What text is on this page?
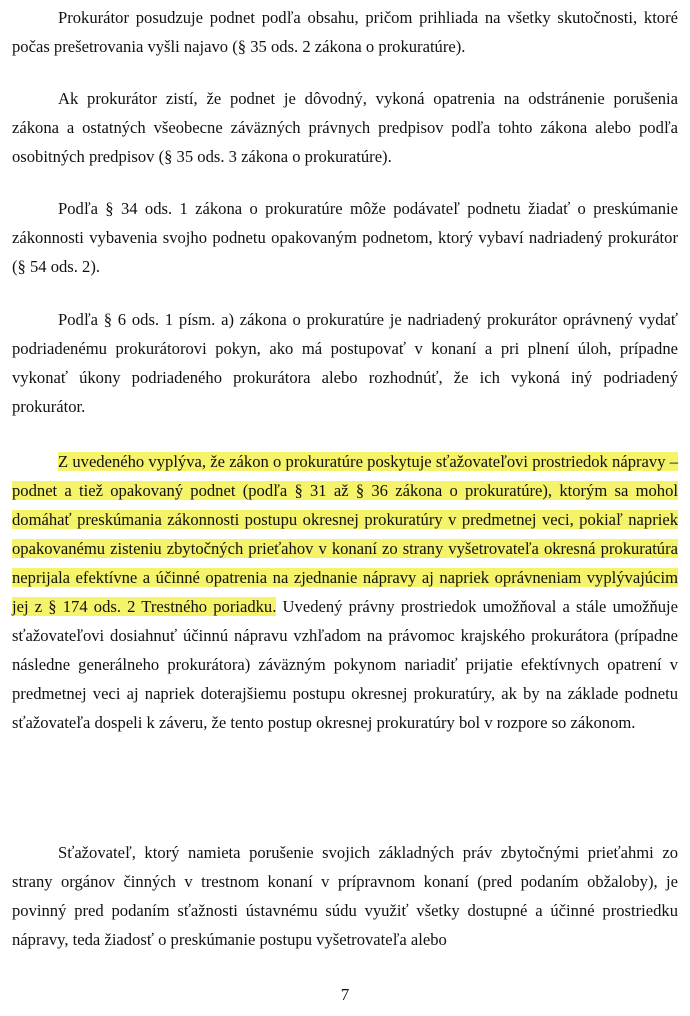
Prokurátor posudzuje podnet podľa obsahu, pričom prihliada na všetky skutočnosti, ktoré počas prešetrovania vyšli najavo (§ 35 ods. 2 zákona o prokuratúre).

Ak prokurátor zistí, že podnet je dôvodný, vykoná opatrenia na odstránenie porušenia zákona a ostatných všeobecne záväzných právnych predpisov podľa tohto zákona alebo podľa osobitných predpisov (§ 35 ods. 3 zákona o prokuratúre).

Podľa § 34 ods. 1 zákona o prokuratúre môže podávateľ podnetu žiadať o preskúmanie zákonnosti vybavenia svojho podnetu opakovaným podnetom, ktorý vybaví nadriadený prokurátor (§ 54 ods. 2).

Podľa § 6 ods. 1 písm. a) zákona o prokuratúre je nadriadený prokurátor oprávnený vydať podriadenému prokurátorovi pokyn, ako má postupovať v konaní a pri plnení úloh, prípadne vykonať úkony podriadeného prokurátora alebo rozhodnúť, že ich vykoná iný podriadený prokurátor.

Z uvedeného vyplýva, že zákon o prokuratúre poskytuje sťažovateľovi prostriedok nápravy – podnet a tiež opakovaný podnet (podľa § 31 až § 36 zákona o prokuratúre), ktorým sa mohol domáhať preskúmania zákonnosti postupu okresnej prokuratúry v predmetnej veci, pokiaľ napriek opakovanému zisteniu zbytočných prieťahov v konaní zo strany vyšetrovateľa okresná prokuratúra neprijala efektívne a účinné opatrenia na zjednanie nápravy aj napriek oprávneniam vyplývajúcim jej z § 174 ods. 2 Trestného poriadku. Uvedený právny prostriedok umožňoval a stále umožňuje sťažovateľovi dosiahnuť účinnú nápravu vzhľadom na právomoc krajského prokurátora (prípadne následne generálneho prokurátora) záväzným pokynom nariadiť prijatie efektívnych opatrení v predmetnej veci aj napriek doterajšiemu postupu okresnej prokuratúry, ak by na základe podnetu sťažovateľa dospeli k záveru, že tento postup okresnej prokuratúry bol v rozpore so zákonom.

Sťažovateľ, ktorý namieta porušenie svojich základných práv zbytočnými prieťahmi zo strany orgánov činných v trestnom konaní v prípravnom konaní (pred podaním obžaloby), je povinný pred podaním sťažnosti ústavnému súdu využiť všetky dostupné a účinné prostriedku nápravy, teda žiadosť o preskúmanie postupu vyšetrovateľa alebo

7
